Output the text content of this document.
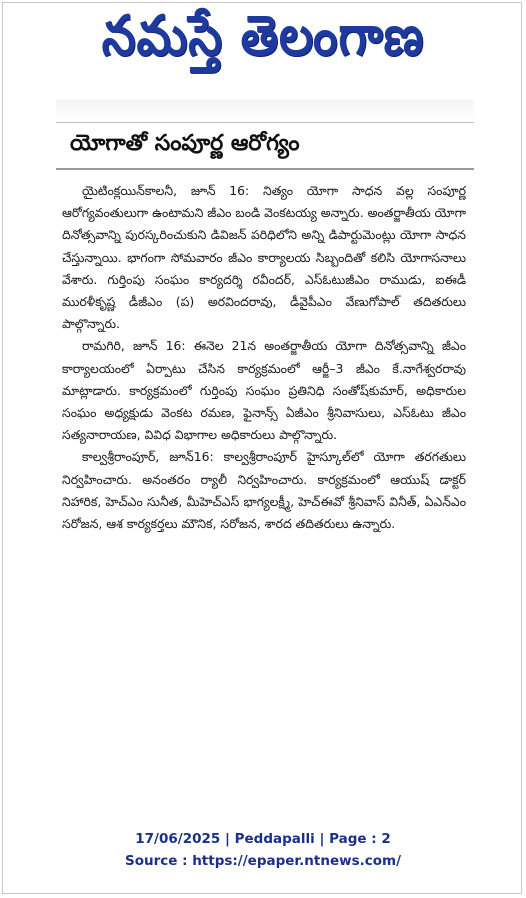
నమస్తే తెలంగాణ
యోగాతో సంపూర్ణ ఆరోగ్యం

యైటింక్లయిన్‌కాలనీ, జూన్ 16: నిత్యం యోగా సాధన వల్ల సంపూర్ణ ఆరోగ్యవంతులుగా ఉంటామని జీఎం బండి వెంకటయ్య అన్నారు. అంతర్జాతీయ యోగా దినోత్సవాన్ని పురస్కరించుకుని డివిజన్ పరిధిలోని అన్ని డిపార్టుమెంట్లు యోగా సాధన చేస్తున్నాయి. భాగంగా సోమవారం జీఎం కార్యాలయ సిబ్బందితో కలిసి యోగాసనాలు వేశారు. గుర్తింపు సంఘం కార్యదర్శి రవీందర్, ఎస్ఓటుజీఎం రాముడు, ఐఈడీ మురళీకృష్ణ డీజీఎం (ప) అరవిందరావు, డీవైపీఎం వేణుగోపాల్ తదితరులు పాల్గొన్నారు.

రామగిరి, జూన్ 16: ఈనెల 21న అంతర్జాతీయ యోగా దినోత్సవాన్ని జీఎం కార్యాలయంలో ఏర్పాటు చేసిన కార్యక్రమంలో ఆర్జీ–3 జీఎం కే.నాగేశ్వరరావు మాట్లాడారు. కార్యక్రమంలో గుర్తింపు సంఘం ప్రతినిధి సంతోష్‌కుమార్, అధికారుల సంఘం అధ్యక్షుడు వెంకట రమణ, ఫైనాన్స్ ఏజీఎం శ్రీనివాసులు, ఎస్ఓటు జీఎం సత్యనారాయణ, వివిధ విభాగాల అధికారులు పాల్గొన్నారు.

కాల్వశ్రీరాంపూర్, జూన్16: కాల్వశ్రీరాంపూర్ హైస్కూల్‌లో యోగా తరగతులు నిర్వహించారు. అనంతరం ర్యాలీ నిర్వహించారు. కార్యక్రమంలో ఆయుష్ డాక్టర్ నిహారిక, హెచ్ఎం సునీత, మీహెచ్ఎస్ భాగ్యలక్ష్మీ, హెచ్ఈవో శ్రీనివాస్ వినీత్, ఏఎన్ఎం సరోజన, ఆశ కార్యకర్తలు మౌనిక, సరోజన, శారద తదితరులు ఉన్నారు.

17/06/2025 | Peddapalli | Page : 2
Source : https://epaper.ntnews.com/
